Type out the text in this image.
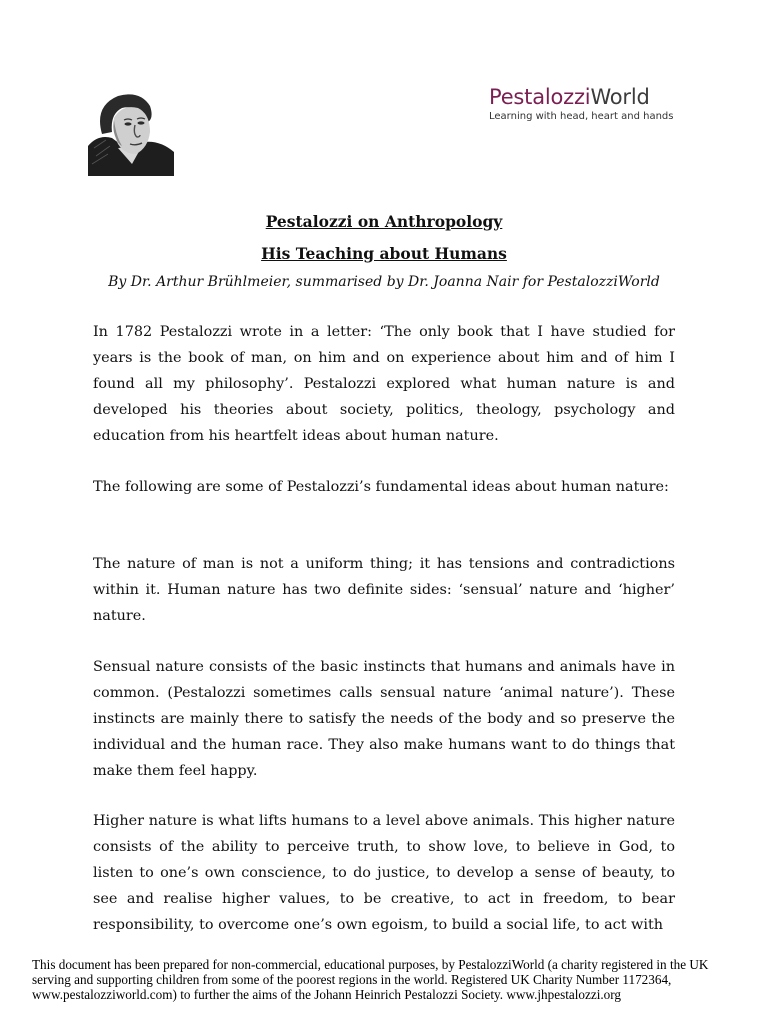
PestalozziWorld
Learning with head, heart and hands
Pestalozzi on Anthropology
His Teaching about Humans
By Dr. Arthur Brühlmeier, summarised by Dr. Joanna Nair for PestalozziWorld

In 1782 Pestalozzi wrote in a letter: ‘The only book that I have studied for years is the book of man, on him and on experience about him and of him I found all my philosophy’. Pestalozzi explored what human nature is and developed his theories about society, politics, theology, psychology and education from his heartfelt ideas about human nature.

The following are some of Pestalozzi’s fundamental ideas about human nature:

The nature of man is not a uniform thing; it has tensions and contradictions within it. Human nature has two definite sides: ‘sensual’ nature and ‘higher’ nature.

Sensual nature consists of the basic instincts that humans and animals have in common. (Pestalozzi sometimes calls sensual nature ‘animal nature’). These instincts are mainly there to satisfy the needs of the body and so preserve the individual and the human race. They also make humans want to do things that make them feel happy.

Higher nature is what lifts humans to a level above animals. This higher nature consists of the ability to perceive truth, to show love, to believe in God, to listen to one’s own conscience, to do justice, to develop a sense of beauty, to see and realise higher values, to be creative, to act in freedom, to bear responsibility, to overcome one’s own egoism, to build a social life, to act with

This document has been prepared for non-commercial, educational purposes, by PestalozziWorld (a charity registered in the UK serving and supporting children from some of the poorest regions in the world. Registered UK Charity Number 1172364, www.pestalozziworld.com) to further the aims of the Johann Heinrich Pestalozzi Society. www.jhpestalozzi.org
